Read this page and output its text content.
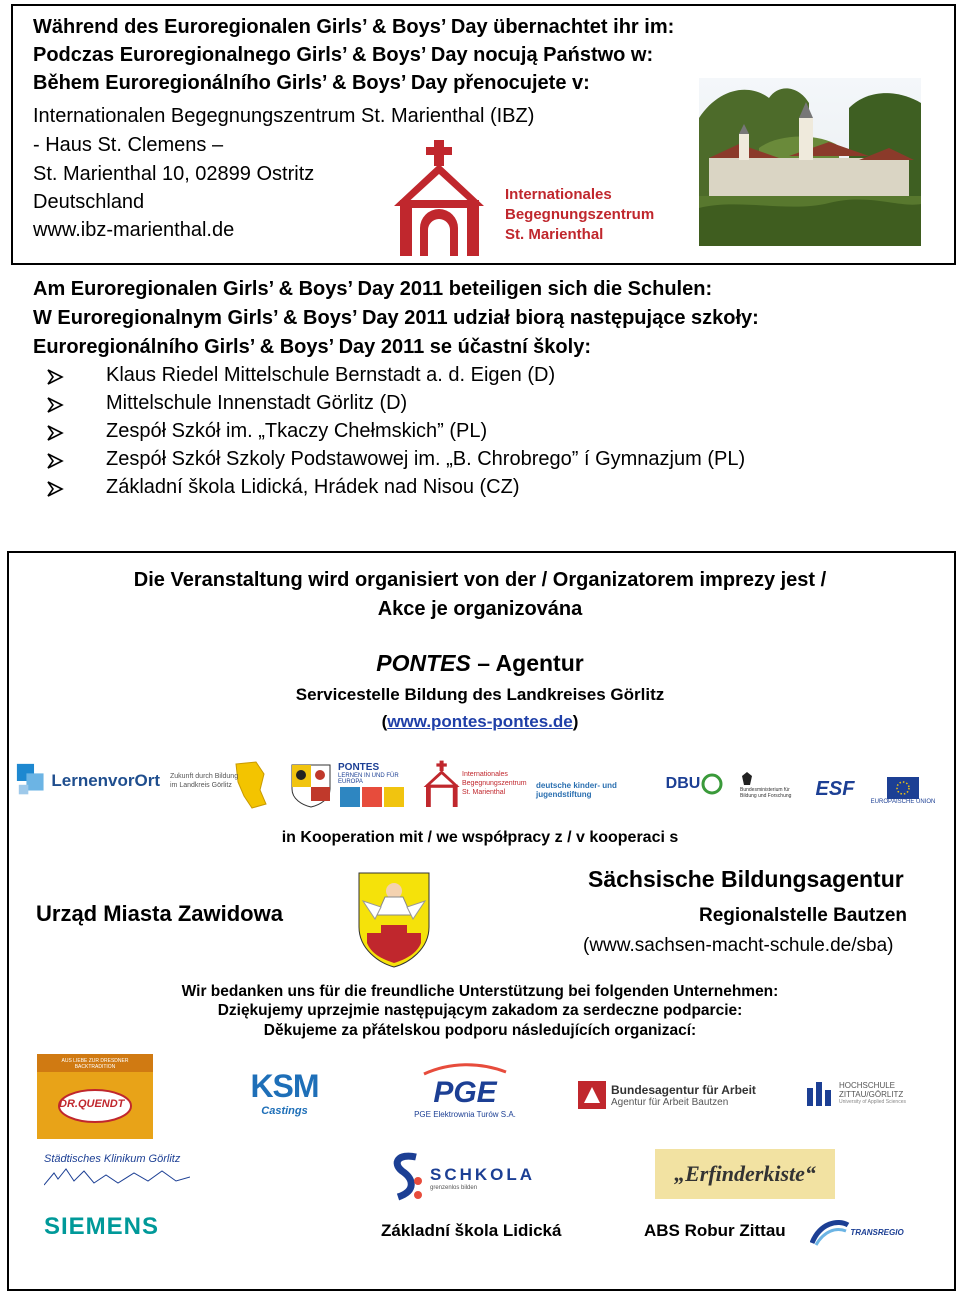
Während des Euroregionalen Girls’ & Boys’ Day übernachtet ihr im:
Podczas Euroregionalnego Girls’ & Boys’ Day nocują Państwo w:
Během Euroregionálního Girls’ & Boys’ Day přenocujete v:
Internationalen Begegnungszentrum St. Marienthal (IBZ)
- Haus St. Clemens –
St. Marienthal 10, 02899 Ostritz
Deutschland
www.ibz-marienthal.de
Internationales
Begegnungszentrum
St. Marienthal
Am Euroregionalen Girls’ & Boys’ Day 2011 beteiligen sich die Schulen:
W Euroregionalnym Girls’ & Boys’ Day 2011 udział biorą następujące szkoły:
Euroregionálního Girls’ & Boys’ Day 2011 se účastní školy:
Klaus Riedel Mittelschule Bernstadt a. d. Eigen (D)
Mittelschule Innenstadt Görlitz (D)
Zespół Szkół im. „Tkaczy Chełmskich” (PL)
Zespół Szkół Szkoly Podstawowej im. „B. Chrobrego” í Gymnazjum (PL)
Základní škola Lidická, Hrádek nad Nisou (CZ)
Die Veranstaltung wird organisiert von der / Organizatorem imprezy jest /
Akce je organizována
PONTES – Agentur
Servicestelle Bildung des Landkreises Görlitz
(www.pontes-pontes.de)
LernenvorOrt Zukunft durch Bildung im Landkreis Görlitz
PONTES
LERNEN IN UND FÜR EUROPA
Internationales Begegnungszentrum St. Marienthal
deutsche kinder- und jugendstiftung
DBU	Bundesministerium für Bildung und Forschung	ESF
EUROPÄISCHE UNION
in Kooperation mit / we współpracy z / v kooperaci s
Urząd Miasta Zawidowa
Sächsische Bildungsagentur
Regionalstelle Bautzen
(www.sachsen-macht-schule.de/sba)
Wir bedanken uns für die freundliche Unterstützung bei folgenden Unternehmen:
Dziękujemy uprzejmie następującym zakadom za serdeczne podparcie:
Děkujeme za přátelskou podporu následujících organizací:
AUS LIEBE ZUR DRESDNER BACKTRADITION
DR.QUENDT	KSM
Castings
PGE
PGE Elektrownia Turów S.A.
Bundesagentur für Arbeit
Agentur für Arbeit Bautzen
HOCHSCHULE ZITTAU/GÖRLITZ
University of Applied Sciences
Städtisches Klinikum Görlitz
SIEMENS
SCHKOLA
grenzenlos bilden
„Erfinderkiste“
Základní škola Lidická	ABS Robur Zittau	TRANSREGIO
